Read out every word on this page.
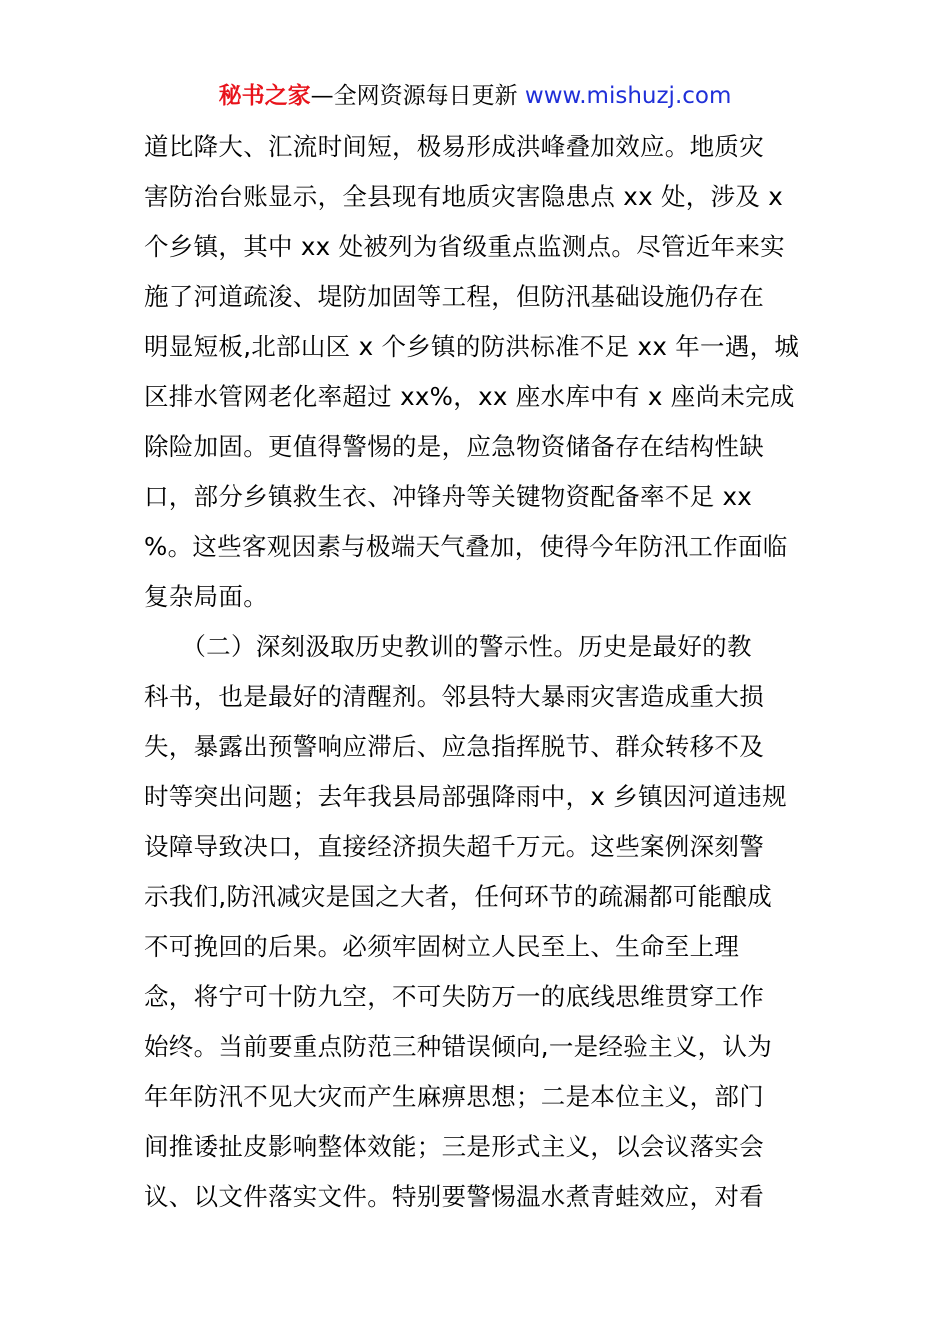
秘书之家—全网资源每日更新 www.mishuzj.com
道比降大、汇流时间短，极易形成洪峰叠加效应。地质灾
害防治台账显示，全县现有地质灾害隐患点 xx 处，涉及 x
个乡镇，其中 xx 处被列为省级重点监测点。尽管近年来实
施了河道疏浚、堤防加固等工程，但防汛基础设施仍存在
明显短板,北部山区 x 个乡镇的防洪标准不足 xx 年一遇，城
区排水管网老化率超过 xx%，xx 座水库中有 x 座尚未完成
除险加固。更值得警惕的是，应急物资储备存在结构性缺
口，部分乡镇救生衣、冲锋舟等关键物资配备率不足 xx
%。这些客观因素与极端天气叠加，使得今年防汛工作面临
复杂局面。
　　（二）深刻汲取历史教训的警示性。历史是最好的教
科书，也是最好的清醒剂。邻县特大暴雨灾害造成重大损
失，暴露出预警响应滞后、应急指挥脱节、群众转移不及
时等突出问题；去年我县局部强降雨中，x 乡镇因河道违规
设障导致决口，直接经济损失超千万元。这些案例深刻警
示我们,防汛减灾是国之大者，任何环节的疏漏都可能酿成
不可挽回的后果。必须牢固树立人民至上、生命至上理
念，将宁可十防九空，不可失防万一的底线思维贯穿工作
始终。当前要重点防范三种错误倾向,一是经验主义，认为
年年防汛不见大灾而产生麻痹思想；二是本位主义，部门
间推诿扯皮影响整体效能；三是形式主义，以会议落实会
议、以文件落实文件。特别要警惕温水煮青蛙效应，对看
